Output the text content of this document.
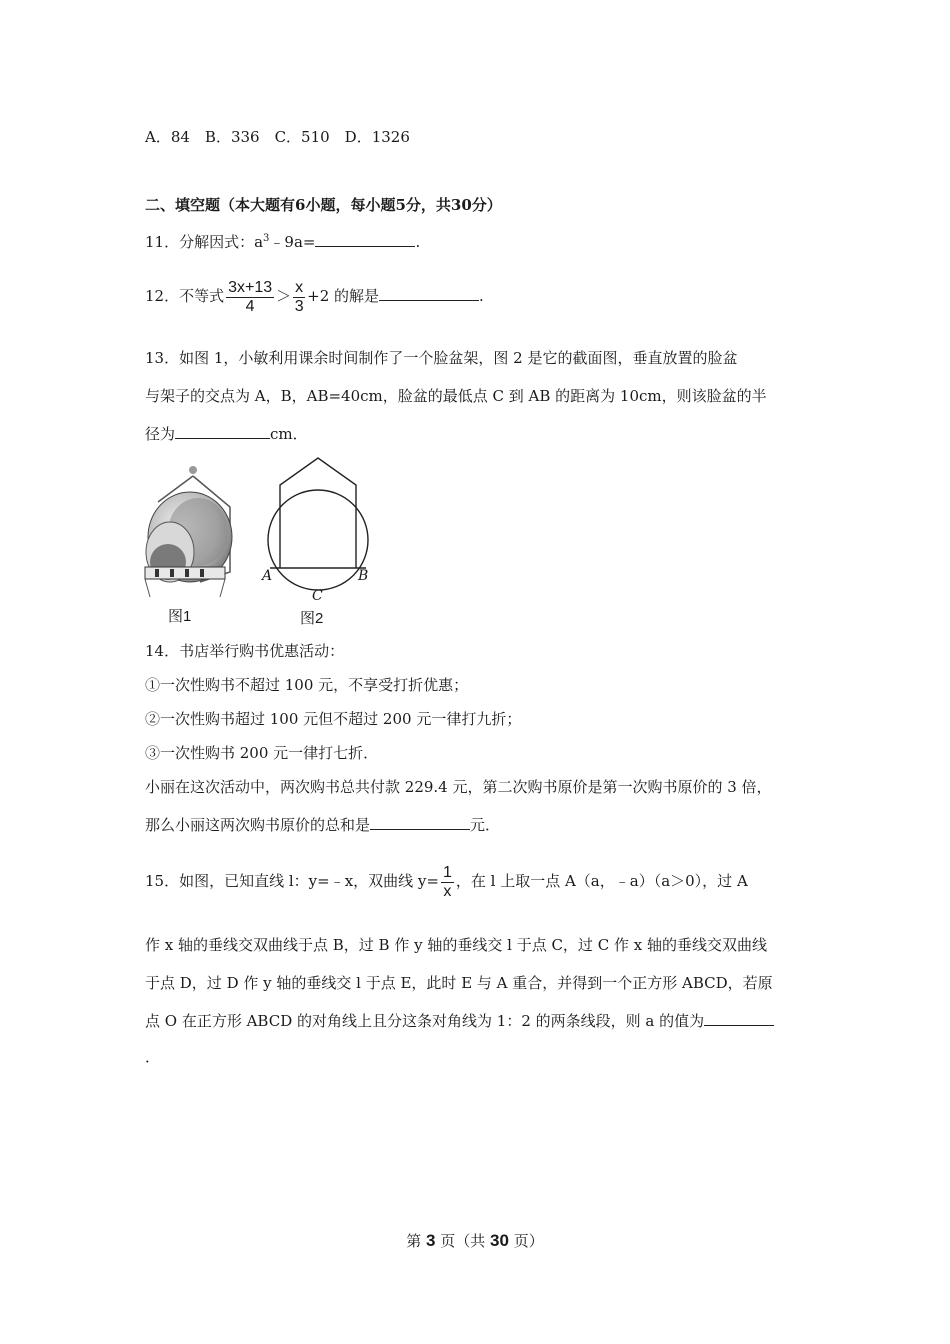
A．84　B．336　C．510　D．1326
二、填空题（本大题有6小题，每小题5分，共30分）
11．分解因式：$a^3﹣9a=$	.
12．不等式 $\frac{3x+13}{4} > \frac{x}{3} +2$ 的解是	.
13．如图 1，小敏利用课余时间制作了一个脸盆架，图 2 是它的截面图，垂直放置的脸盆
与架子的交点为 A，B，AB=40cm，脸盆的最低点 C 到 AB 的距离为 10cm，则该脸盆的半
径为	cm．
图1
A	B
C
图2
14．书店举行购书优惠活动：
①一次性购书不超过 100 元，不享受打折优惠；
②一次性购书超过 100 元但不超过 200 元一律打九折；
③一次性购书 200 元一律打七折．
小丽在这次活动中，两次购书总共付款 229.4 元，第二次购书原价是第一次购书原价的 3 倍，
那么小丽这两次购书原价的总和是	元．
15．如图，已知直线 l：y=﹣x，双曲线 $y= \frac{1}{x}$ ，在 l 上取一点 A（a，﹣a）（a＞0），过 A
作 x 轴的垂线交双曲线于点 B，过 B 作 y 轴的垂线交 l 于点 C，过 C 作 x 轴的垂线交双曲线
于点 D，过 D 作 y 轴的垂线交 l 于点 E，此时 E 与 A 重合，并得到一个正方形 ABCD，若原
点 O 在正方形 ABCD 的对角线上且分这条对角线为 1：2 的两条线段，则 a 的值为
．
第 3 页（共 30 页）
